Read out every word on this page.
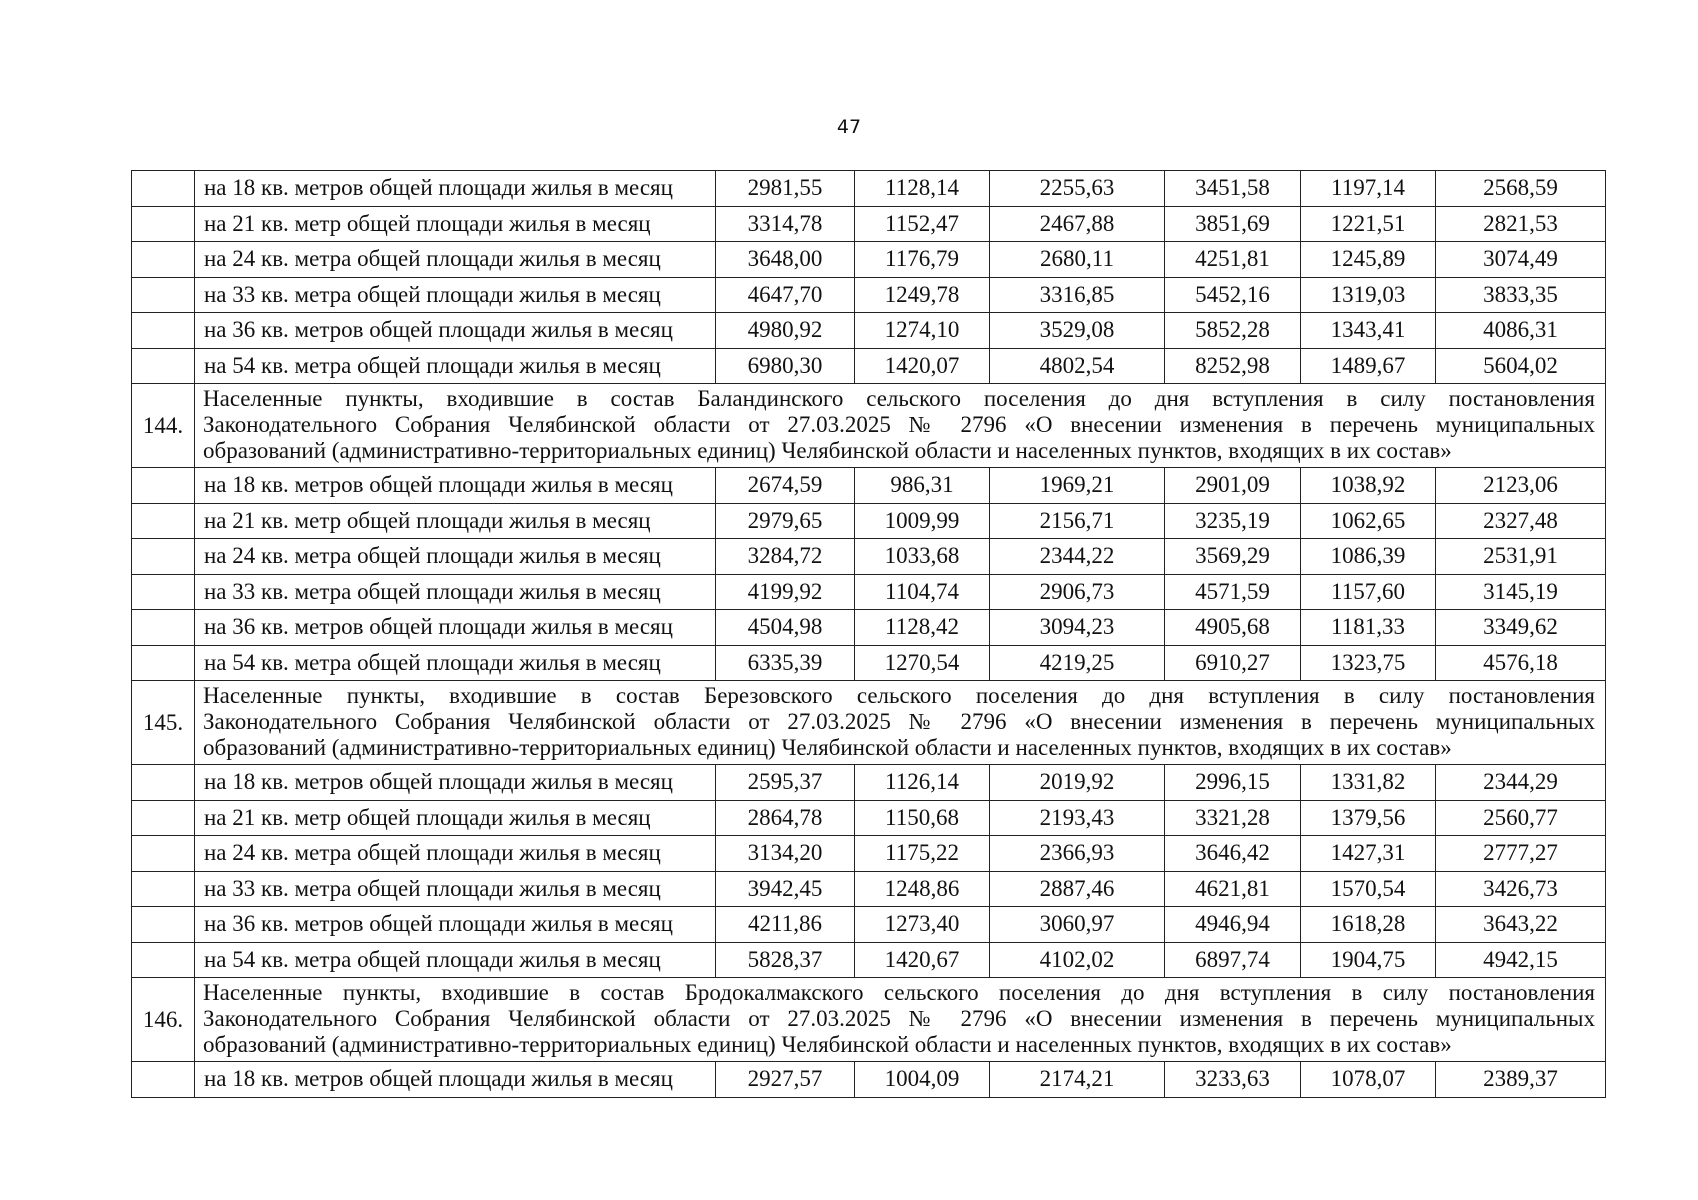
47
	на 18 кв. метров общей площади жилья в месяц	2981,55	1128,14	2255,63	3451,58	1197,14	2568,59
	на 21 кв. метр общей площади жилья в месяц	3314,78	1152,47	2467,88	3851,69	1221,51	2821,53
	на 24 кв. метра общей площади жилья в месяц	3648,00	1176,79	2680,11	4251,81	1245,89	3074,49
	на 33 кв. метра общей площади жилья в месяц	4647,70	1249,78	3316,85	5452,16	1319,03	3833,35
	на 36 кв. метров общей площади жилья в месяц	4980,92	1274,10	3529,08	5852,28	1343,41	4086,31
	на 54 кв. метра общей площади жилья в месяц	6980,30	1420,07	4802,54	8252,98	1489,67	5604,02
144.	Населенные пункты, входившие в состав Баландинского сельского поселения до дня вступления в силу постановления
Законодательного Собрания Челябинской области от 27.03.2025 № 2796 «О внесении изменения в перечень муниципальных
образований (административно-территориальных единиц) Челябинской области и населенных пунктов, входящих в их состав»						

	на 18 кв. метров общей площади жилья в месяц	2674,59	986,31	1969,21	2901,09	1038,92	2123,06
	на 21 кв. метр общей площади жилья в месяц	2979,65	1009,99	2156,71	3235,19	1062,65	2327,48
	на 24 кв. метра общей площади жилья в месяц	3284,72	1033,68	2344,22	3569,29	1086,39	2531,91
	на 33 кв. метра общей площади жилья в месяц	4199,92	1104,74	2906,73	4571,59	1157,60	3145,19
	на 36 кв. метров общей площади жилья в месяц	4504,98	1128,42	3094,23	4905,68	1181,33	3349,62
	на 54 кв. метра общей площади жилья в месяц	6335,39	1270,54	4219,25	6910,27	1323,75	4576,18
145.	Населенные пункты, входившие в состав Березовского сельского поселения до дня вступления в силу постановления
Законодательного Собрания Челябинской области от 27.03.2025 № 2796 «О внесении изменения в перечень муниципальных
образований (административно-территориальных единиц) Челябинской области и населенных пунктов, входящих в их состав»						

	на 18 кв. метров общей площади жилья в месяц	2595,37	1126,14	2019,92	2996,15	1331,82	2344,29
	на 21 кв. метр общей площади жилья в месяц	2864,78	1150,68	2193,43	3321,28	1379,56	2560,77
	на 24 кв. метра общей площади жилья в месяц	3134,20	1175,22	2366,93	3646,42	1427,31	2777,27
	на 33 кв. метра общей площади жилья в месяц	3942,45	1248,86	2887,46	4621,81	1570,54	3426,73
	на 36 кв. метров общей площади жилья в месяц	4211,86	1273,40	3060,97	4946,94	1618,28	3643,22
	на 54 кв. метра общей площади жилья в месяц	5828,37	1420,67	4102,02	6897,74	1904,75	4942,15
146.	Населенные пункты, входившие в состав Бродокалмакского сельского поселения до дня вступления в силу постановления
Законодательного Собрания Челябинской области от 27.03.2025 № 2796 «О внесении изменения в перечень муниципальных
образований (административно-территориальных единиц) Челябинской области и населенных пунктов, входящих в их состав»						

	на 18 кв. метров общей площади жилья в месяц	2927,57	1004,09	2174,21	3233,63	1078,07	2389,37
